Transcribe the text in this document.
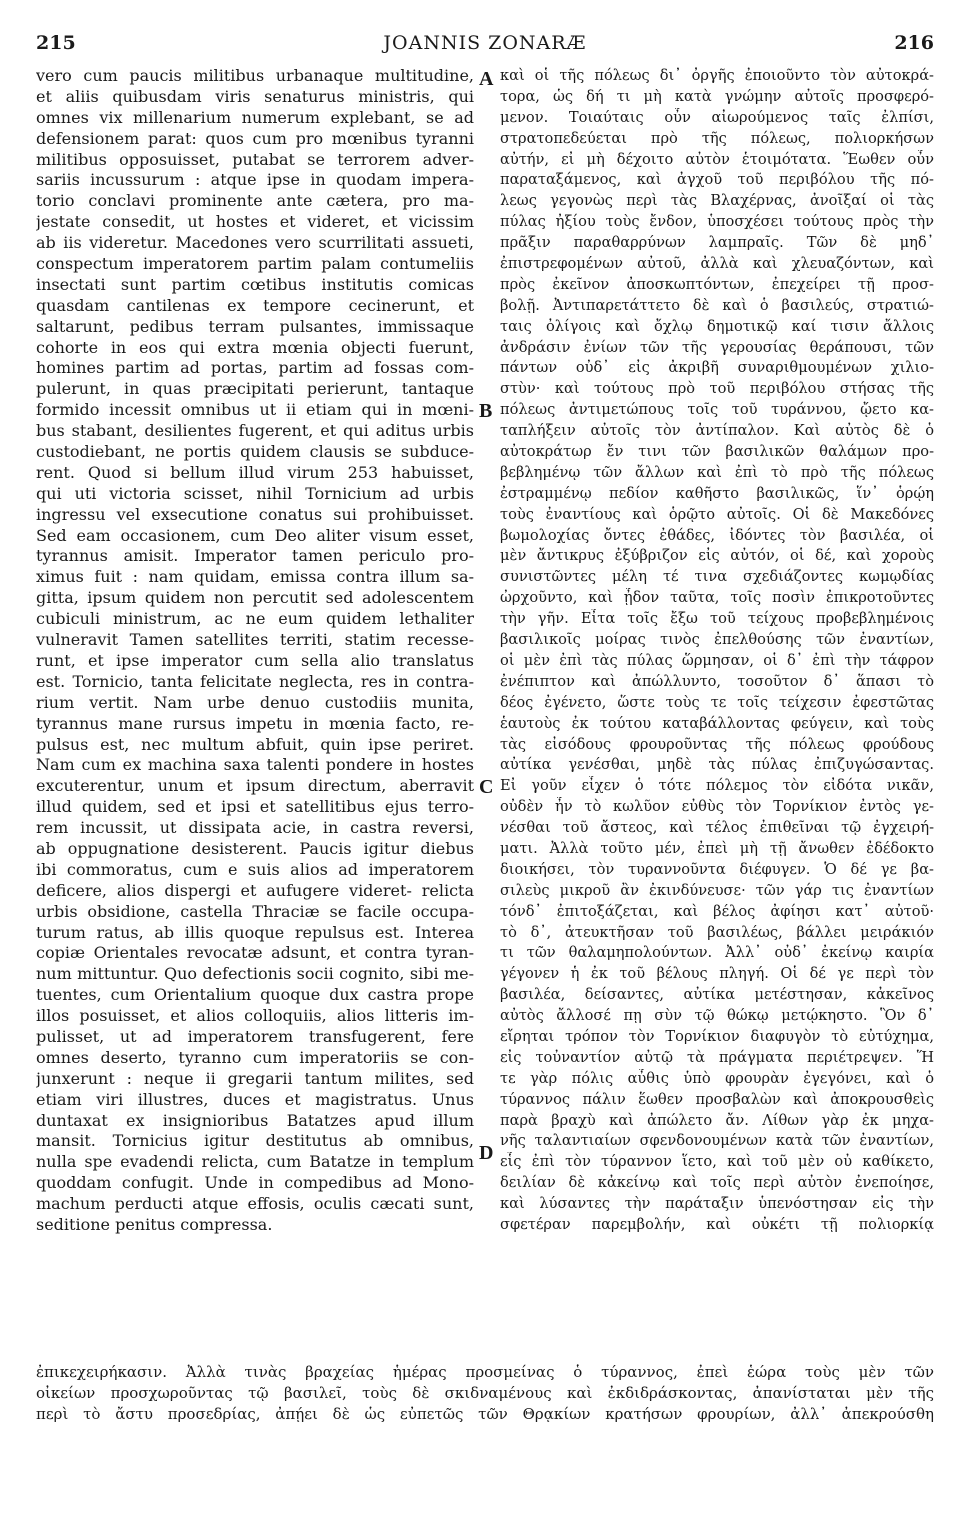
215	JOANNIS ZONARÆ	216
vero cum paucis militibus urbanaque multitudine,
et aliis quibusdam viris senaturus ministris, qui
omnes vix millenarium numerum explebant, se ad
defensionem parat: quos cum pro mœnibus tyranni
militibus opposuisset, putabat se terrorem adver-
sariis incussurum : atque ipse in quodam impera-
torio conclavi prominente ante cætera, pro ma-
jestate consedit, ut hostes et videret, et vicissim
ab iis videretur. Macedones vero scurrilitati assueti,
conspectum imperatorem partim palam contumeliis
insectati sunt partim cœtibus institutis comicas
quasdam cantilenas ex tempore cecinerunt, et
saltarunt, pedibus terram pulsantes, immissaque
cohorte in eos qui extra mœnia objecti fuerunt,
homines partim ad portas, partim ad fossas com-
pulerunt, in quas præcipitati perierunt, tantaque
formido incessit omnibus ut ii etiam qui in mœni-
bus stabant, desilientes fugerent, et qui aditus urbis
custodiebant, ne portis quidem clausis se subduce-
rent. Quod si bellum illud virum 253 habuisset,
qui uti victoria scisset, nihil Tornicium ad urbis
ingressu vel exsecutione conatus sui prohibuisset.
Sed eam occasionem, cum Deo aliter visum esset,
tyrannus amisit. Imperator tamen periculo pro-
ximus fuit : nam quidam, emissa contra illum sa-
gitta, ipsum quidem non percutit sed adolescentem
cubiculi ministrum, ac ne eum quidem lethaliter
vulneravit Tamen satellites territi, statim recesse-
runt, et ipse imperator cum sella alio translatus
est. Tornicio, tanta felicitate neglecta, res in contra-
rium vertit. Nam urbe denuo custodiis munita,
tyrannus mane rursus impetu in mœnia facto, re-
pulsus est, nec multum abfuit, quin ipse periret.
Nam cum ex machina saxa talenti pondere in hostes
excuterentur, unum et ipsum directum, aberravit
illud quidem, sed et ipsi et satellitibus ejus terro-
rem incussit, ut dissipata acie, in castra reversi,
ab oppugnatione desisterent. Paucis igitur diebus
ibi commoratus, cum e suis alios ad imperatorem
deficere, alios dispergi et aufugere videret- relicta
urbis obsidione, castella Thraciæ se facile occupa-
turum ratus, ab illis quoque repulsus est. Interea
copiæ Orientales revocatæ adsunt, et contra tyran-
num mittuntur. Quo defectionis socii cognito, sibi me-
tuentes, cum Orientalium quoque dux castra prope
illos posuisset, et alios colloquiis, alios litteris im-
pulisset, ut ad imperatorem transfugerent, fere
omnes deserto, tyranno cum imperatoriis se con-
junxerunt : neque ii gregarii tantum milites, sed
etiam viri illustres, duces et magistratus. Unus
duntaxat ex insignioribus Batatzes apud illum
mansit. Tornicius igitur destitutus ab omnibus,
nulla spe evadendi relicta, cum Batatze in templum
quoddam confugit. Unde in compedibus ad Mono-
machum perducti atque effosis, oculis cæcati sunt,
seditione penitus compressa.
καὶ οἱ τῆς πόλεως δι᾽ ὀργῆς ἐποιοῦντο τὸν αὐτοκρά-
τορα, ὡς δή τι μὴ κατὰ γνώμην αὐτοῖς προσφερό-
μενον. Τοιαύταις οὖν αἰωρούμενος ταῖς ἐλπίσι,
στρατοπεδεύεται πρὸ τῆς πόλεως, πολιορκήσων
αὐτήν, εἰ μὴ δέχοιτο αὐτὸν ἑτοιμότατα. Ἕωθεν οὖν
παραταξάμενος, καὶ ἀγχοῦ τοῦ περιβόλου τῆς πό-
λεως γεγονὼς περὶ τὰς Βλαχέρνας, ἀνοῖξαί οἱ τὰς
πύλας ἠξίου τοὺς ἔνδον, ὑποσχέσει τούτους πρὸς τὴν
πρᾶξιν παραθαρρύνων λαμπραῖς. Τῶν δὲ μηδ᾽
ἐπιστρεφομένων αὐτοῦ, ἀλλὰ καὶ χλευαζόντων, καὶ
πρὸς ἐκεῖνον ἀποσκωπτόντων, ἐπεχείρει τῇ προσ-
βολῇ. Ἀντιπαρετάττετο δὲ καὶ ὁ βασιλεύς, στρατιώ-
ταις ὀλίγοις καὶ ὄχλῳ δημοτικῷ καί τισιν ἄλλοις
ἀνδράσιν ἐνίων τῶν τῆς γερουσίας θεράπουσι, τῶν
πάντων οὐδ᾽ εἰς ἀκριβῆ συναριθμουμένων χιλιο-
στὺν· καὶ τούτους πρὸ τοῦ περιβόλου στήσας τῆς
πόλεως ἀντιμετώπους τοῖς τοῦ τυράννου, ᾤετο κα-
ταπλήξειν αὐτοῖς τὸν ἀντίπαλον. Καὶ αὐτὸς δὲ ὁ
αὐτοκράτωρ ἔν τινι τῶν βασιλικῶν θαλάμων προ-
βεβλημένῳ τῶν ἄλλων καὶ ἐπὶ τὸ πρὸ τῆς πόλεως
ἐστραμμένῳ πεδίον καθῆστο βασιλικῶς, ἵν᾽ ὁρῴη
τοὺς ἐναντίους καὶ ὁρῷτο αὐτοῖς. Οἱ δὲ Μακεδόνες
βωμολοχίας ὄντες ἐθάδες, ἰδόντες τὸν βασιλέα, οἱ
μὲν ἄντικρυς ἐξύβριζον εἰς αὐτόν, οἱ δέ, καὶ χοροὺς
συνιστῶντες μέλη τέ τινα σχεδιάζοντες κωμῳδίας
ὠρχοῦντο, καὶ ᾖδον ταῦτα, τοῖς ποσὶν ἐπικροτοῦντες
τὴν γῆν. Εἶτα τοῖς ἔξω τοῦ τείχους προβεβλημένοις
βασιλικοῖς μοίρας τινὸς ἐπελθούσης τῶν ἐναντίων,
οἱ μὲν ἐπὶ τὰς πύλας ὥρμησαν, οἱ δ᾽ ἐπὶ τὴν τάφρον
ἐνέπιπτον καὶ ἀπώλλυντο, τοσοῦτον δ᾽ ἅπασι τὸ
δέος ἐγένετο, ὥστε τοὺς τε τοῖς τείχεσιν ἐφεστῶτας
ἑαυτοὺς ἐκ τούτου καταβάλλοντας φεύγειν, καὶ τοὺς
τὰς εἰσόδους φρουροῦντας τῆς πόλεως φρούδους
αὐτίκα γενέσθαι, μηδὲ τὰς πύλας ἐπιζυγώσαντας.
Εἰ γοῦν εἶχεν ὁ τότε πόλεμος τὸν εἰδότα νικᾶν,
οὐδὲν ἦν τὸ κωλῦον εὐθὺς τὸν Τορνίκιον ἐντὸς γε-
νέσθαι τοῦ ἄστεος, καὶ τέλος ἐπιθεῖναι τῷ ἐγχειρή-
ματι. Ἀλλὰ τοῦτο μέν, ἐπεὶ μὴ τῇ ἄνωθεν ἐδέδοκτο
διοικήσει, τὸν τυραννοῦντα διέφυγεν. Ὁ δέ γε βα-
σιλεὺς μικροῦ ἂν ἐκινδύνευσε· τῶν γάρ τις ἐναντίων
τόνδ᾽ ἐπιτοξάζεται, καὶ βέλος ἀφίησι κατ᾽ αὐτοῦ·
τὸ δ᾽, ἀτευκτῆσαν τοῦ βασιλέως, βάλλει μειράκιόν
τι τῶν θαλαμηπολούντων. Ἀλλ᾽ οὐδ᾽ ἐκείνῳ καιρία
γέγονεν ἡ ἐκ τοῦ βέλους πληγή. Οἱ δέ γε περὶ τὸν
βασιλέα, δείσαντες, αὐτίκα μετέστησαν, κἀκεῖνος
αὐτὸς ἄλλοσέ πῃ σὺν τῷ θώκῳ μετῴκηστο. Ὃν δ᾽
εἴρηται τρόπον τὸν Τορνίκιον διαφυγὸν τὸ εὐτύχημα,
εἰς τοὐναντίον αὐτῷ τὰ πράγματα περιέτρεψεν. Ἥ
τε γὰρ πόλις αὖθις ὑπὸ φρουρὰν ἐγεγόνει, καὶ ὁ
τύραννος πάλιν ἕωθεν προσβαλὼν καὶ ἀποκρουσθεὶς
παρὰ βραχὺ καὶ ἀπώλετο ἄν. Λίθων γὰρ ἐκ μηχα-
νῆς ταλαντιαίων σφενδονουμένων κατὰ τῶν ἐναντίων,
εἷς ἐπὶ τὸν τύραννον ἵετο, καὶ τοῦ μὲν οὐ καθίκετο,
δειλίαν δὲ κἀκείνῳ καὶ τοῖς περὶ αὐτὸν ἐνεποίησε,
καὶ λύσαντες τὴν παράταξιν ὑπενόστησαν εἰς τὴν
σφετέραν παρεμβολήν, καὶ οὐκέτι τῇ πολιορκίᾳ
ἐπικεχειρήκασιν. Ἀλλὰ τινὰς βραχείας ἡμέρας προσμείνας ὁ τύραννος, ἐπεὶ ἑώρα τοὺς μὲν τῶν
οἰκείων προσχωροῦντας τῷ βασιλεῖ, τοὺς δὲ σκιδναμένους καὶ ἐκδιδράσκοντας, ἀπανίσταται μὲν τῆς
περὶ τὸ ἄστυ προσεδρίας, ἀπῄει δὲ ὡς εὐπετῶς τῶν Θρᾳκίων κρατήσων φρουρίων, ἀλλ᾽ ἀπεκρούσθη
A
B
C
D
